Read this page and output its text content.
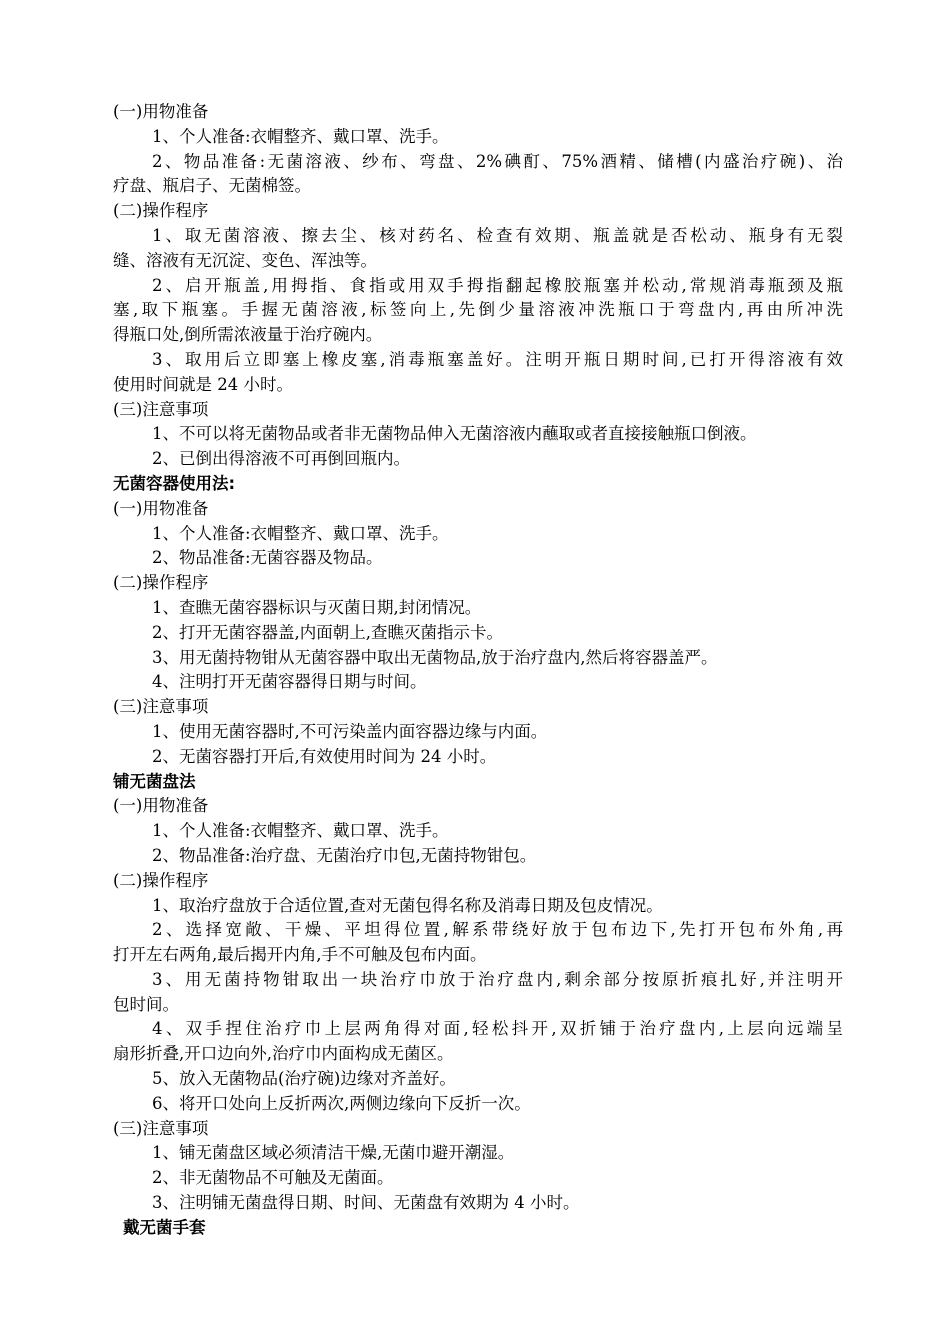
(一)用物准备
1、个人准备:衣帽整齐、戴口罩、洗手。
2、物品准备:无菌溶液、纱布、弯盘、2%碘酊、75%酒精、储槽(内盛治疗碗)、治
疗盘、瓶启子、无菌棉签。
(二)操作程序
1、取无菌溶液、擦去尘、核对药名、检查有效期、瓶盖就是否松动、瓶身有无裂
缝、溶液有无沉淀、变色、浑浊等。
2、启开瓶盖,用拇指、食指或用双手拇指翻起橡胶瓶塞并松动,常规消毒瓶颈及瓶
塞,取下瓶塞。手握无菌溶液,标签向上,先倒少量溶液冲洗瓶口于弯盘内,再由所冲洗
得瓶口处,倒所需浓液量于治疗碗内。
3、取用后立即塞上橡皮塞,消毒瓶塞盖好。注明开瓶日期时间,已打开得溶液有效
使用时间就是 24 小时。
(三)注意事项
1、不可以将无菌物品或者非无菌物品伸入无菌溶液内蘸取或者直接接触瓶口倒液。
2、已倒出得溶液不可再倒回瓶内。
无菌容器使用法:
(一)用物准备
1、个人准备:衣帽整齐、戴口罩、洗手。
2、物品准备:无菌容器及物品。
(二)操作程序
1、查瞧无菌容器标识与灭菌日期,封闭情况。
2、打开无菌容器盖,内面朝上,查瞧灭菌指示卡。
3、用无菌持物钳从无菌容器中取出无菌物品,放于治疗盘内,然后将容器盖严。
4、注明打开无菌容器得日期与时间。
(三)注意事项
1、使用无菌容器时,不可污染盖内面容器边缘与内面。
2、无菌容器打开后,有效使用时间为 24 小时。
铺无菌盘法
(一)用物准备
1、个人准备:衣帽整齐、戴口罩、洗手。
2、物品准备:治疗盘、无菌治疗巾包,无菌持物钳包。
(二)操作程序
1、取治疗盘放于合适位置,查对无菌包得名称及消毒日期及包皮情况。
2、选择宽敞、干燥、平坦得位置,解系带绕好放于包布边下,先打开包布外角,再
打开左右两角,最后揭开内角,手不可触及包布内面。
3、用无菌持物钳取出一块治疗巾放于治疗盘内,剩余部分按原折痕扎好,并注明开
包时间。
4、双手捏住治疗巾上层两角得对面,轻松抖开,双折铺于治疗盘内,上层向远端呈
扇形折叠,开口边向外,治疗巾内面构成无菌区。
5、放入无菌物品(治疗碗)边缘对齐盖好。
6、将开口处向上反折两次,两侧边缘向下反折一次。
(三)注意事项
1、铺无菌盘区域必须清洁干燥,无菌巾避开潮湿。
2、非无菌物品不可触及无菌面。
3、注明铺无菌盘得日期、时间、无菌盘有效期为 4 小时。
戴无菌手套
